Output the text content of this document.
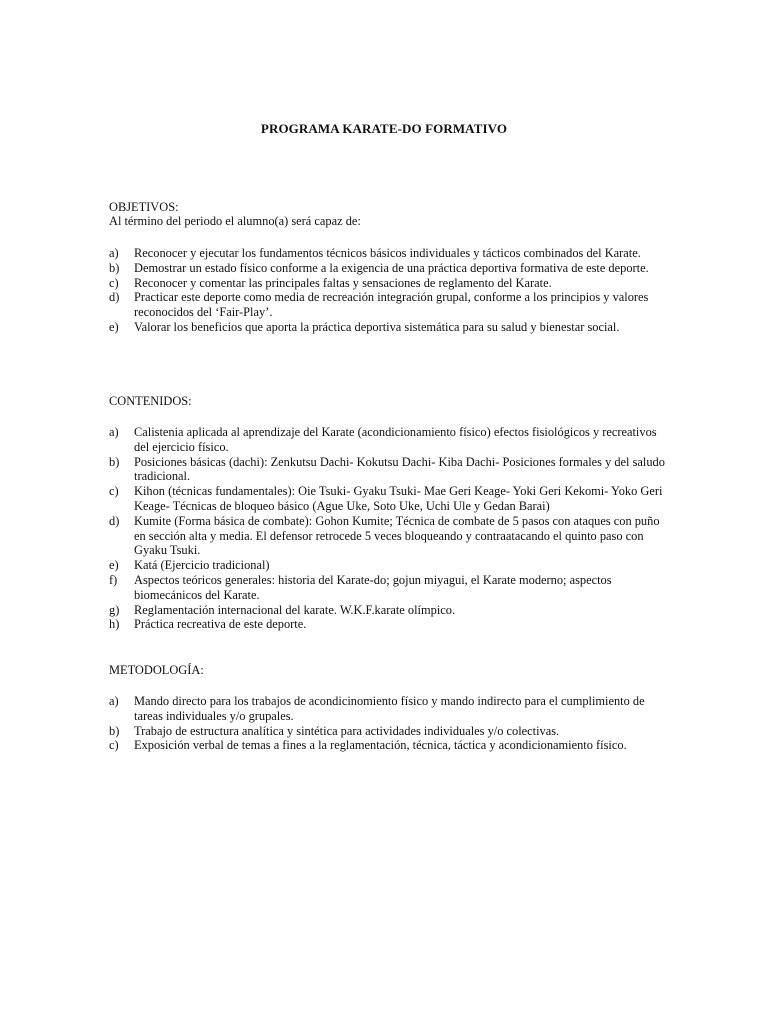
PROGRAMA KARATE-DO FORMATIVO
OBJETIVOS:
Al término del periodo el alumno(a) será capaz de:
a) Reconocer y ejecutar los fundamentos técnicos básicos individuales y tácticos combinados del Karate.
b) Demostrar un estado físico conforme a la exigencia de una práctica deportiva formativa de este deporte.
c) Reconocer y comentar las principales faltas y sensaciones de reglamento del Karate.
d) Practicar este deporte como media de recreación integración grupal, conforme a los principios y valores reconocidos del ‘Fair-Play’.
e) Valorar los beneficios que aporta la práctica deportiva sistemática para su salud y bienestar social.
CONTENIDOS:
a) Calistenia aplicada al aprendizaje del Karate (acondicionamiento físico) efectos fisiológicos y recreativos del ejercicio físico.
b) Posiciones básicas (dachi): Zenkutsu Dachi- Kokutsu Dachi- Kiba Dachi- Posiciones formales y del saludo tradicional.
c) Kihon (técnicas fundamentales): Oie Tsuki- Gyaku Tsuki- Mae Geri Keage- Yoki Geri Kekomi- Yoko Geri Keage- Técnicas de bloqueo básico (Ague Uke, Soto Uke, Uchi Ule y Gedan Barai)
d) Kumite (Forma básica de combate): Gohon Kumite; Técnica de combate de 5 pasos con ataques con puño en sección alta y media. El defensor retrocede 5 veces bloqueando y contraatacando el quinto paso con Gyaku Tsuki.
e) Katá (Ejercicio tradicional)
f) Aspectos teóricos generales: historia del Karate-do; gojun miyagui, el Karate moderno; aspectos biomecánicos del Karate.
g) Reglamentación internacional del karate. W.K.F.karate olímpico.
h) Práctica recreativa de este deporte.
METODOLOGÍA:
a) Mando directo para los trabajos de acondicinomiento físico y mando indirecto para el cumplimiento de tareas individuales y/o grupales.
b) Trabajo de estructura analítica y sintética para actividades individuales y/o colectivas.
c) Exposición verbal de temas a fines a la reglamentación, técnica, táctica y acondicionamiento físico.
